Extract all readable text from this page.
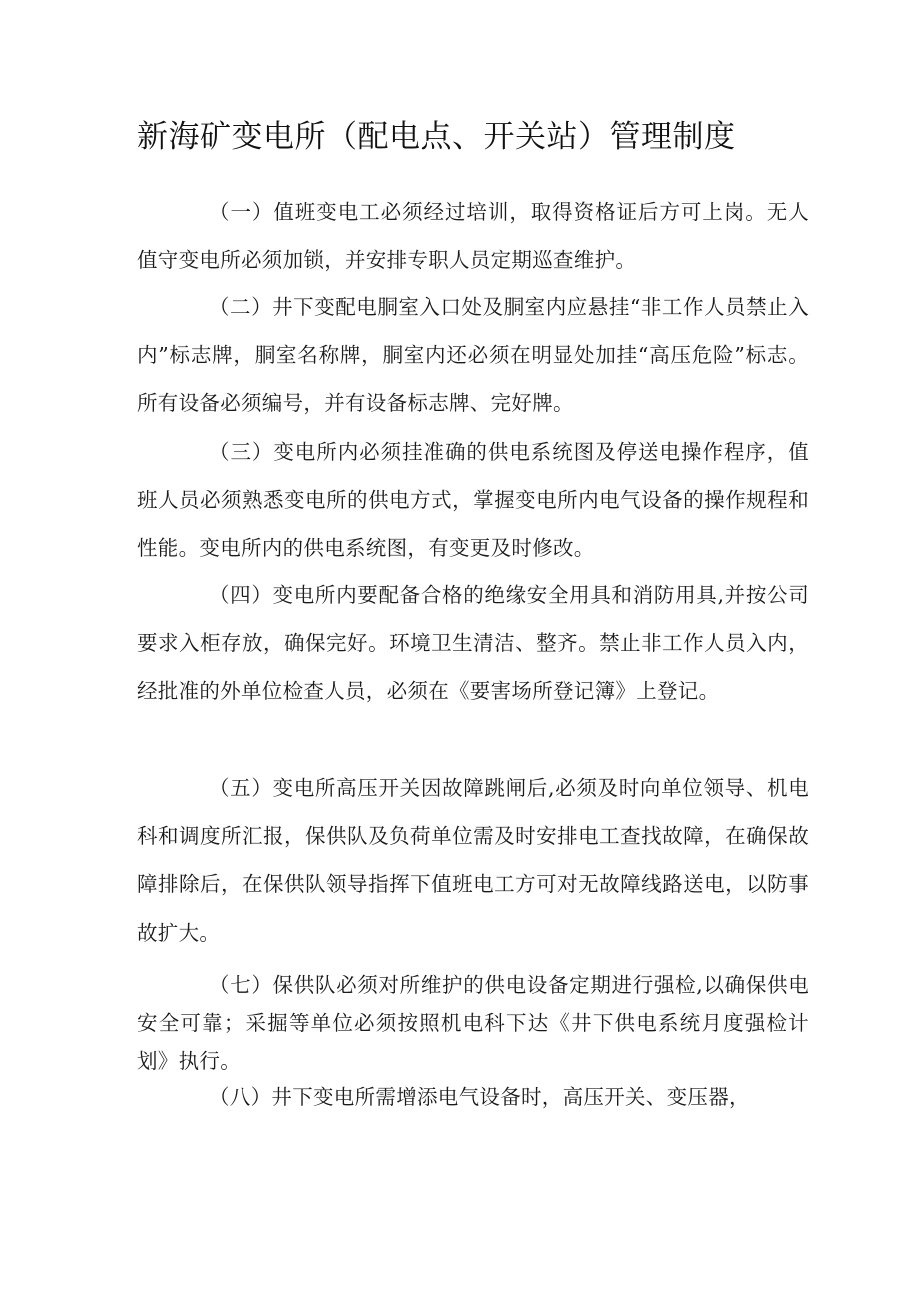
新海矿变电所（配电点、开关站）管理制度

（一）值班变电工必须经过培训，取得资格证后方可上岗。无人值守变电所必须加锁，并安排专职人员定期巡查维护。

（二）井下变配电胴室入口处及胴室内应悬挂“非工作人员禁止入内”标志牌，胴室名称牌，胴室内还必须在明显处加挂“高压危险”标志。所有设备必须编号，并有设备标志牌、完好牌。

（三）变电所内必须挂准确的供电系统图及停送电操作程序，值班人员必须熟悉变电所的供电方式，掌握变电所内电气设备的操作规程和性能。变电所内的供电系统图，有变更及时修改。

（四）变电所内要配备合格的绝缘安全用具和消防用具,并按公司要求入柜存放，确保完好。环境卫生清洁、整齐。禁止非工作人员入内，经批准的外单位检查人员，必须在《要害场所登记簿》上登记。

（五）变电所高压开关因故障跳闸后,必须及时向单位领导、机电科和调度所汇报，保供队及负荷单位需及时安排电工查找故障，在确保故障排除后，在保供队领导指挥下值班电工方可对无故障线路送电，以防事故扩大。

（七）保供队必须对所维护的供电设备定期进行强检,以确保供电安全可靠；采掘等单位必须按照机电科下达《井下供电系统月度强检计划》执行。

（八）井下变电所需增添电气设备时，高压开关、变压器，
